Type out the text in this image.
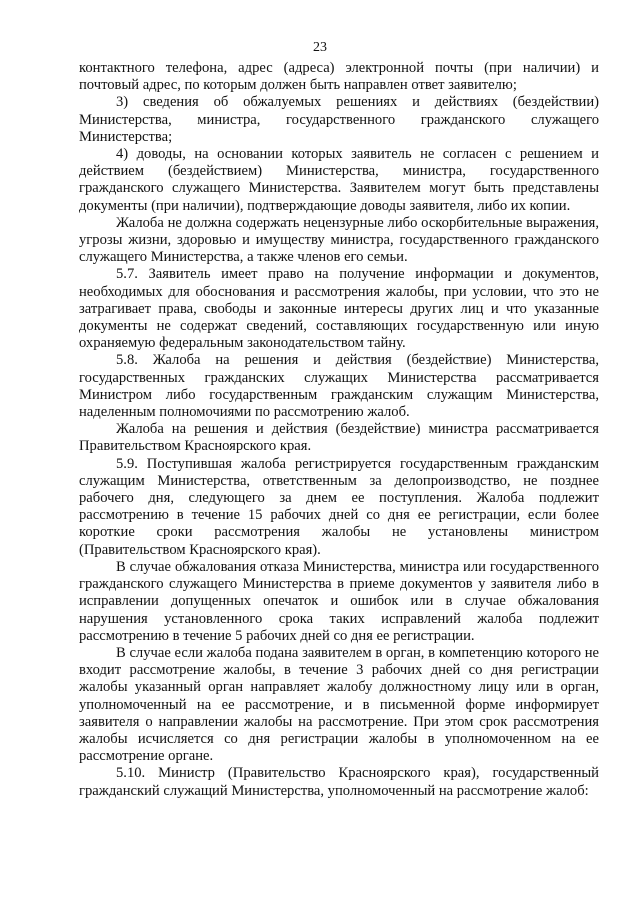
23

контактного телефона, адрес (адреса) электронной почты (при наличии) и почтовый адрес, по которым должен быть направлен ответ заявителю;

3) сведения об обжалуемых решениях и действиях (бездействии) Министерства, министра, государственного гражданского служащего Министерства;

4) доводы, на основании которых заявитель не согласен с решением и действием (бездействием) Министерства, министра, государственного гражданского служащего Министерства. Заявителем могут быть представлены документы (при наличии), подтверждающие доводы заявителя, либо их копии.

Жалоба не должна содержать нецензурные либо оскорбительные выражения, угрозы жизни, здоровью и имуществу министра, государственного гражданского служащего Министерства, а также членов его семьи.

5.7. Заявитель имеет право на получение информации и документов, необходимых для обоснования и рассмотрения жалобы, при условии, что это не затрагивает права, свободы и законные интересы других лиц и что указанные документы не содержат сведений, составляющих государственную или иную охраняемую федеральным законодательством тайну.

5.8. Жалоба на решения и действия (бездействие) Министерства, государственных гражданских служащих Министерства рассматривается Министром либо государственным гражданским служащим Министерства, наделенным полномочиями по рассмотрению жалоб.

Жалоба на решения и действия (бездействие) министра рассматривается Правительством Красноярского края.

5.9. Поступившая жалоба регистрируется государственным гражданским служащим Министерства, ответственным за делопроизводство, не позднее рабочего дня, следующего за днем ее поступления. Жалоба подлежит рассмотрению в течение 15 рабочих дней со дня ее регистрации, если более короткие сроки рассмотрения жалобы не установлены министром (Правительством Красноярского края).

В случае обжалования отказа Министерства, министра или государственного гражданского служащего Министерства в приеме документов у заявителя либо в исправлении допущенных опечаток и ошибок или в случае обжалования нарушения установленного срока таких исправлений жалоба подлежит рассмотрению в течение 5 рабочих дней со дня ее регистрации.

В случае если жалоба подана заявителем в орган, в компетенцию которого не входит рассмотрение жалобы, в течение 3 рабочих дней со дня регистрации жалобы указанный орган направляет жалобу должностному лицу или в орган, уполномоченный на ее рассмотрение, и в письменной форме информирует заявителя о направлении жалобы на рассмотрение. При этом срок рассмотрения жалобы исчисляется со дня регистрации жалобы в уполномоченном на ее рассмотрение органе.

5.10. Министр (Правительство Красноярского края), государственный гражданский служащий Министерства, уполномоченный на рассмотрение жалоб:
